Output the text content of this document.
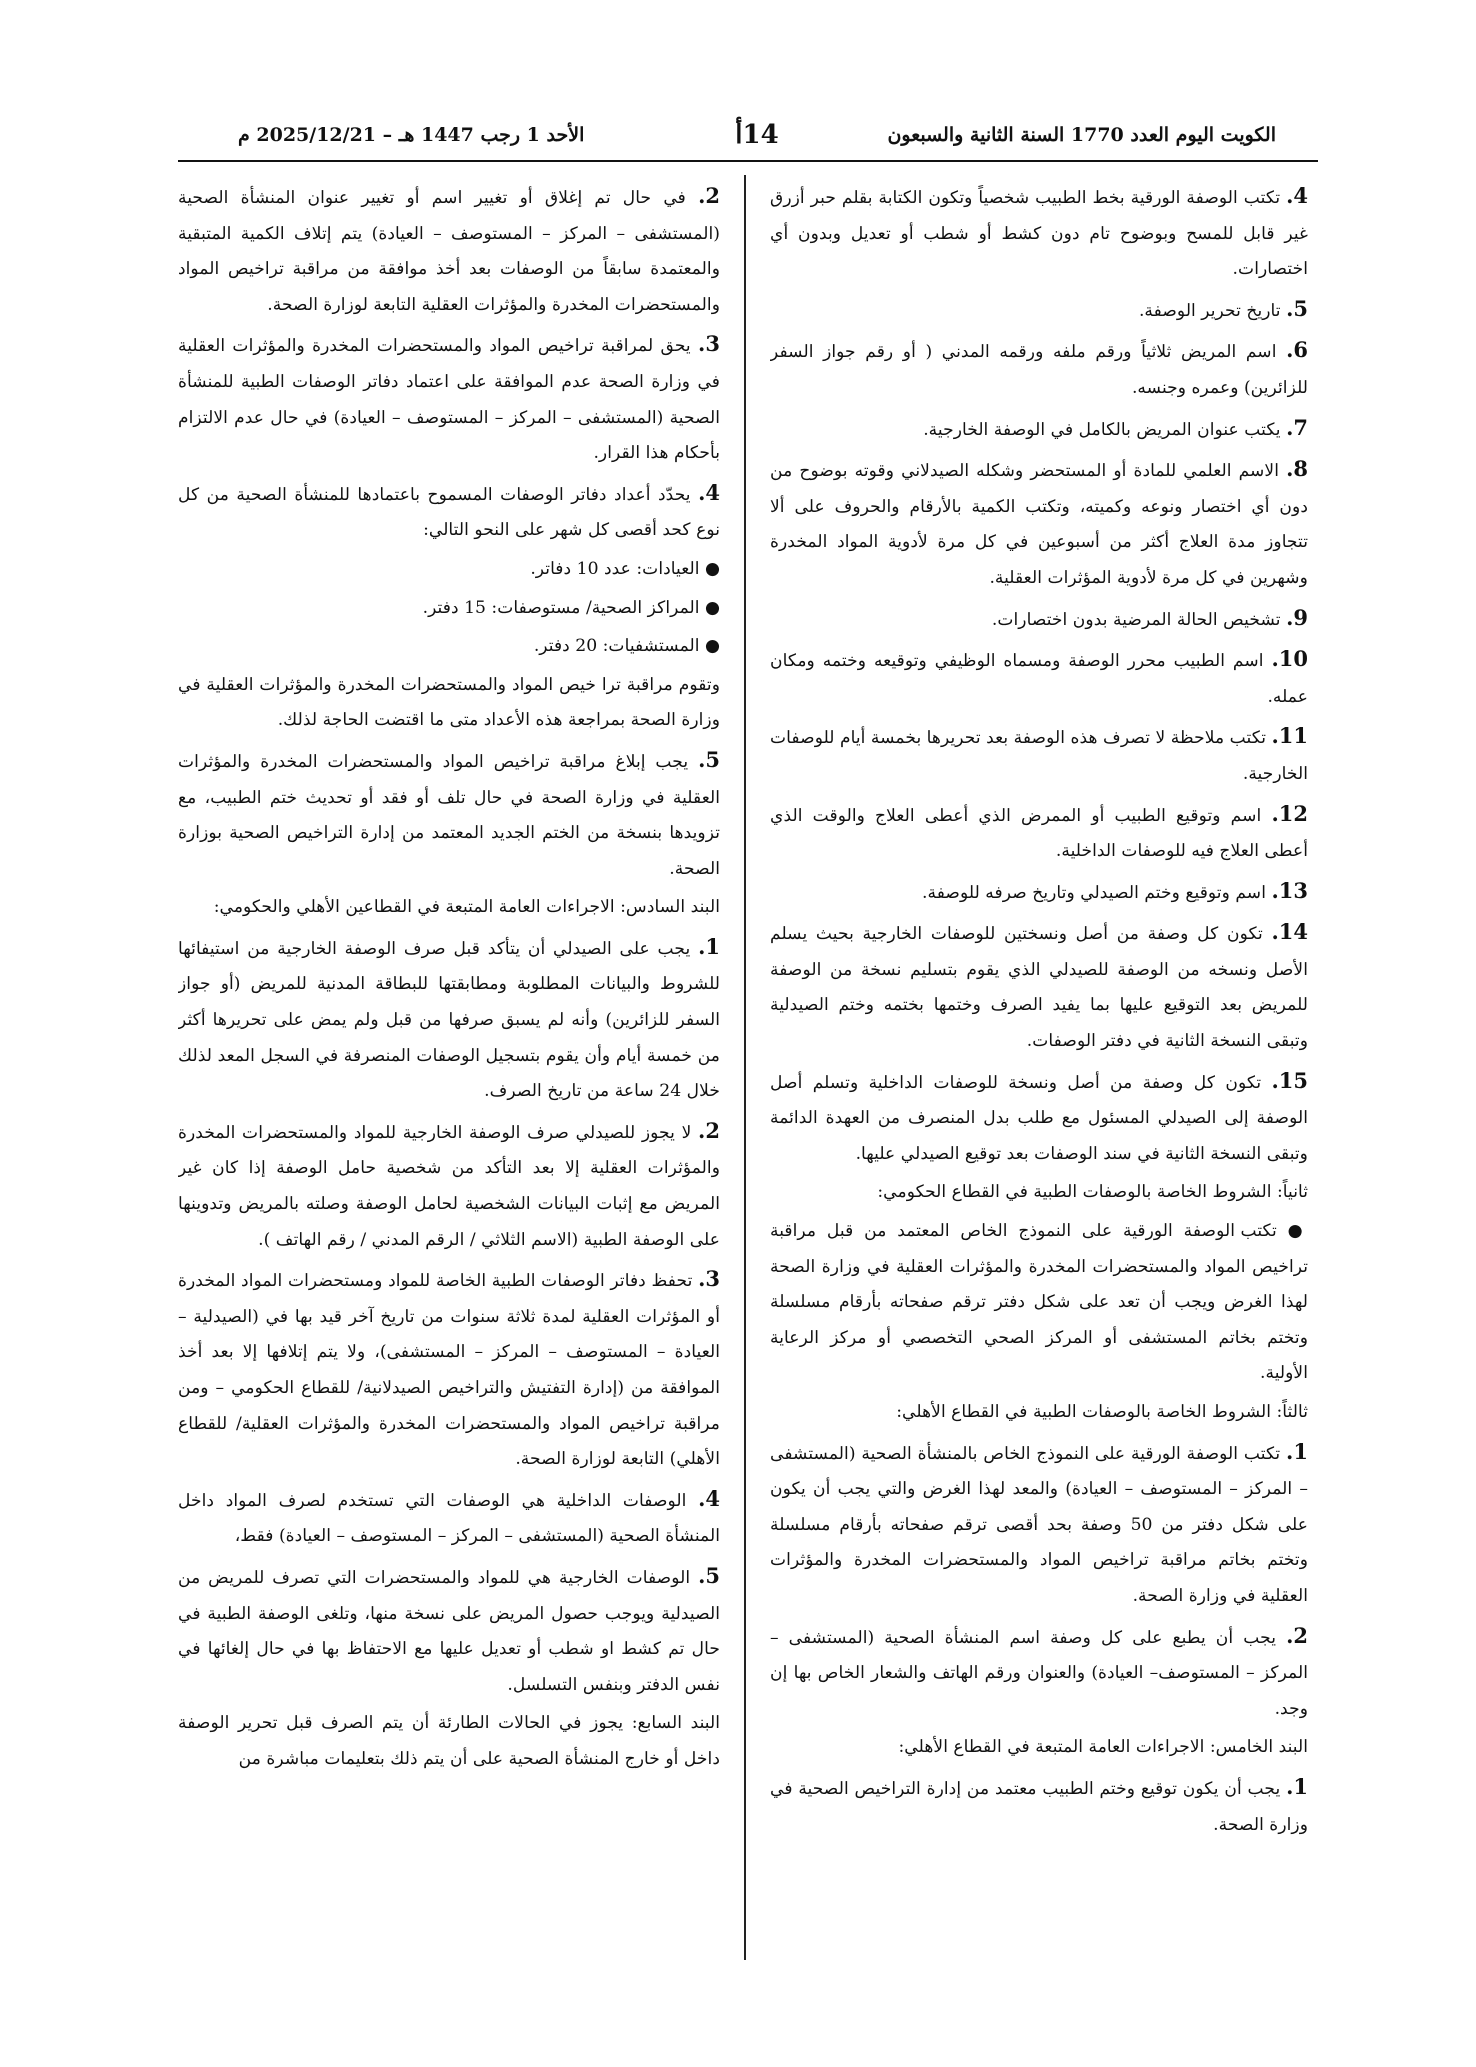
الكويت اليوم العدد 1770 السنة الثانية والسبعون
14أ
الأحد 1 رجب 1447 هـ – 2025/12/21 م

4. تكتب الوصفة الورقية بخط الطبيب شخصياً وتكون الكتابة بقلم حبر أزرق غير قابل للمسح وبوضوح تام دون كشط أو شطب أو تعديل وبدون أي اختصارات.

5. تاريخ تحرير الوصفة.

6. اسم المريض ثلاثياً ورقم ملفه ورقمه المدني ( أو رقم جواز السفر للزائرين) وعمره وجنسه.

7. يكتب عنوان المريض بالكامل في الوصفة الخارجية.

8. الاسم العلمي للمادة أو المستحضر وشكله الصيدلاني وقوته بوضوح من دون أي اختصار ونوعه وكميته، وتكتب الكمية بالأرقام والحروف على ألا تتجاوز مدة العلاج أكثر من أسبوعين في كل مرة لأدوية المواد المخدرة وشهرين في كل مرة لأدوية المؤثرات العقلية.

9. تشخيص الحالة المرضية بدون اختصارات.

10. اسم الطبيب محرر الوصفة ومسماه الوظيفي وتوقيعه وختمه ومكان عمله.

11. تكتب ملاحظة لا تصرف هذه الوصفة بعد تحريرها بخمسة أيام للوصفات الخارجية.

12. اسم وتوقيع الطبيب أو الممرض الذي أعطى العلاج والوقت الذي أعطى العلاج فيه للوصفات الداخلية.

13. اسم وتوقيع وختم الصيدلي وتاريخ صرفه للوصفة.

14. تكون كل وصفة من أصل ونسختين للوصفات الخارجية بحيث يسلم الأصل ونسخه من الوصفة للصيدلي الذي يقوم بتسليم نسخة من الوصفة للمريض بعد التوقيع عليها بما يفيد الصرف وختمها بختمه وختم الصيدلية وتبقى النسخة الثانية في دفتر الوصفات.

15. تكون كل وصفة من أصل ونسخة للوصفات الداخلية وتسلم أصل الوصفة إلى الصيدلي المسئول مع طلب بدل المنصرف من العهدة الدائمة وتبقى النسخة الثانية في سند الوصفات بعد توقيع الصيدلي عليها.

ثانياً: الشروط الخاصة بالوصفات الطبية في القطاع الحكومي:

● تكتب الوصفة الورقية على النموذج الخاص المعتمد من قبل مراقبة تراخيص المواد والمستحضرات المخدرة والمؤثرات العقلية في وزارة الصحة لهذا الغرض ويجب أن تعد على شكل دفتر ترقم صفحاته بأرقام مسلسلة وتختم بخاتم المستشفى أو المركز الصحي التخصصي أو مركز الرعاية الأولية.

ثالثاً: الشروط الخاصة بالوصفات الطبية في القطاع الأهلي:

1. تكتب الوصفة الورقية على النموذج الخاص بالمنشأة الصحية (المستشفى – المركز – المستوصف – العيادة) والمعد لهذا الغرض والتي يجب أن يكون على شكل دفتر من 50 وصفة بحد أقصى ترقم صفحاته بأرقام مسلسلة وتختم بخاتم مراقبة تراخيص المواد والمستحضرات المخدرة والمؤثرات العقلية في وزارة الصحة.

2. يجب أن يطبع على كل وصفة اسم المنشأة الصحية (المستشفى – المركز – المستوصف– العيادة) والعنوان ورقم الهاتف والشعار الخاص بها إن وجد.

البند الخامس: الاجراءات العامة المتبعة في القطاع الأهلي:

1. يجب أن يكون توقيع وختم الطبيب معتمد من إدارة التراخيص الصحية في وزارة الصحة.

2. في حال تم إغلاق أو تغيير اسم أو تغيير عنوان المنشأة الصحية (المستشفى – المركز – المستوصف – العيادة) يتم إتلاف الكمية المتبقية والمعتمدة سابقاً من الوصفات بعد أخذ موافقة من مراقبة تراخيص المواد والمستحضرات المخدرة والمؤثرات العقلية التابعة لوزارة الصحة.

3. يحق لمراقبة تراخيص المواد والمستحضرات المخدرة والمؤثرات العقلية في وزارة الصحة عدم الموافقة على اعتماد دفاتر الوصفات الطبية للمنشأة الصحية (المستشفى – المركز – المستوصف – العيادة) في حال عدم الالتزام بأحكام هذا القرار.

4. يحدّد أعداد دفاتر الوصفات المسموح باعتمادها للمنشأة الصحية من كل نوع كحد أقصى كل شهر على النحو التالي:

● العيادات: عدد 10 دفاتر.

● المراكز الصحية/ مستوصفات: 15 دفتر.

● المستشفيات: 20 دفتر.

وتقوم مراقبة ترا خيص المواد والمستحضرات المخدرة والمؤثرات العقلية في وزارة الصحة بمراجعة هذه الأعداد متى ما اقتضت الحاجة لذلك.

5. يجب إبلاغ مراقبة تراخيص المواد والمستحضرات المخدرة والمؤثرات العقلية في وزارة الصحة في حال تلف أو فقد أو تحديث ختم الطبيب، مع تزويدها بنسخة من الختم الجديد المعتمد من إدارة التراخيص الصحية بوزارة الصحة.

البند السادس: الاجراءات العامة المتبعة في القطاعين الأهلي والحكومي:

1. يجب على الصيدلي أن يتأكد قبل صرف الوصفة الخارجية من استيفائها للشروط والبيانات المطلوبة ومطابقتها للبطاقة المدنية للمريض (أو جواز السفر للزائرين) وأنه لم يسبق صرفها من قبل ولم يمض على تحريرها أكثر من خمسة أيام وأن يقوم بتسجيل الوصفات المنصرفة في السجل المعد لذلك خلال 24 ساعة من تاريخ الصرف.

2. لا يجوز للصيدلي صرف الوصفة الخارجية للمواد والمستحضرات المخدرة والمؤثرات العقلية إلا بعد التأكد من شخصية حامل الوصفة إذا كان غير المريض مع إثبات البيانات الشخصية لحامل الوصفة وصلته بالمريض وتدوينها على الوصفة الطبية (الاسم الثلاثي / الرقم المدني / رقم الهاتف ).

3. تحفظ دفاتر الوصفات الطبية الخاصة للمواد ومستحضرات المواد المخدرة أو المؤثرات العقلية لمدة ثلاثة سنوات من تاريخ آخر قيد بها في (الصيدلية – العيادة – المستوصف – المركز – المستشفى)، ولا يتم إتلافها إلا بعد أخذ الموافقة من (إدارة التفتيش والتراخيص الصيدلانية/ للقطاع الحكومي – ومن مراقبة تراخيص المواد والمستحضرات المخدرة والمؤثرات العقلية/ للقطاع الأهلي) التابعة لوزارة الصحة.

4. الوصفات الداخلية هي الوصفات التي تستخدم لصرف المواد داخل المنشأة الصحية (المستشفى – المركز – المستوصف – العيادة) فقط،

5. الوصفات الخارجية هي للمواد والمستحضرات التي تصرف للمريض من الصيدلية ويوجب حصول المريض على نسخة منها، وتلغى الوصفة الطبية في حال تم كشط او شطب أو تعديل عليها مع الاحتفاظ بها في حال إلغائها في نفس الدفتر وبنفس التسلسل.

البند السابع: يجوز في الحالات الطارئة أن يتم الصرف قبل تحرير الوصفة داخل أو خارج المنشأة الصحية على أن يتم ذلك بتعليمات مباشرة من
